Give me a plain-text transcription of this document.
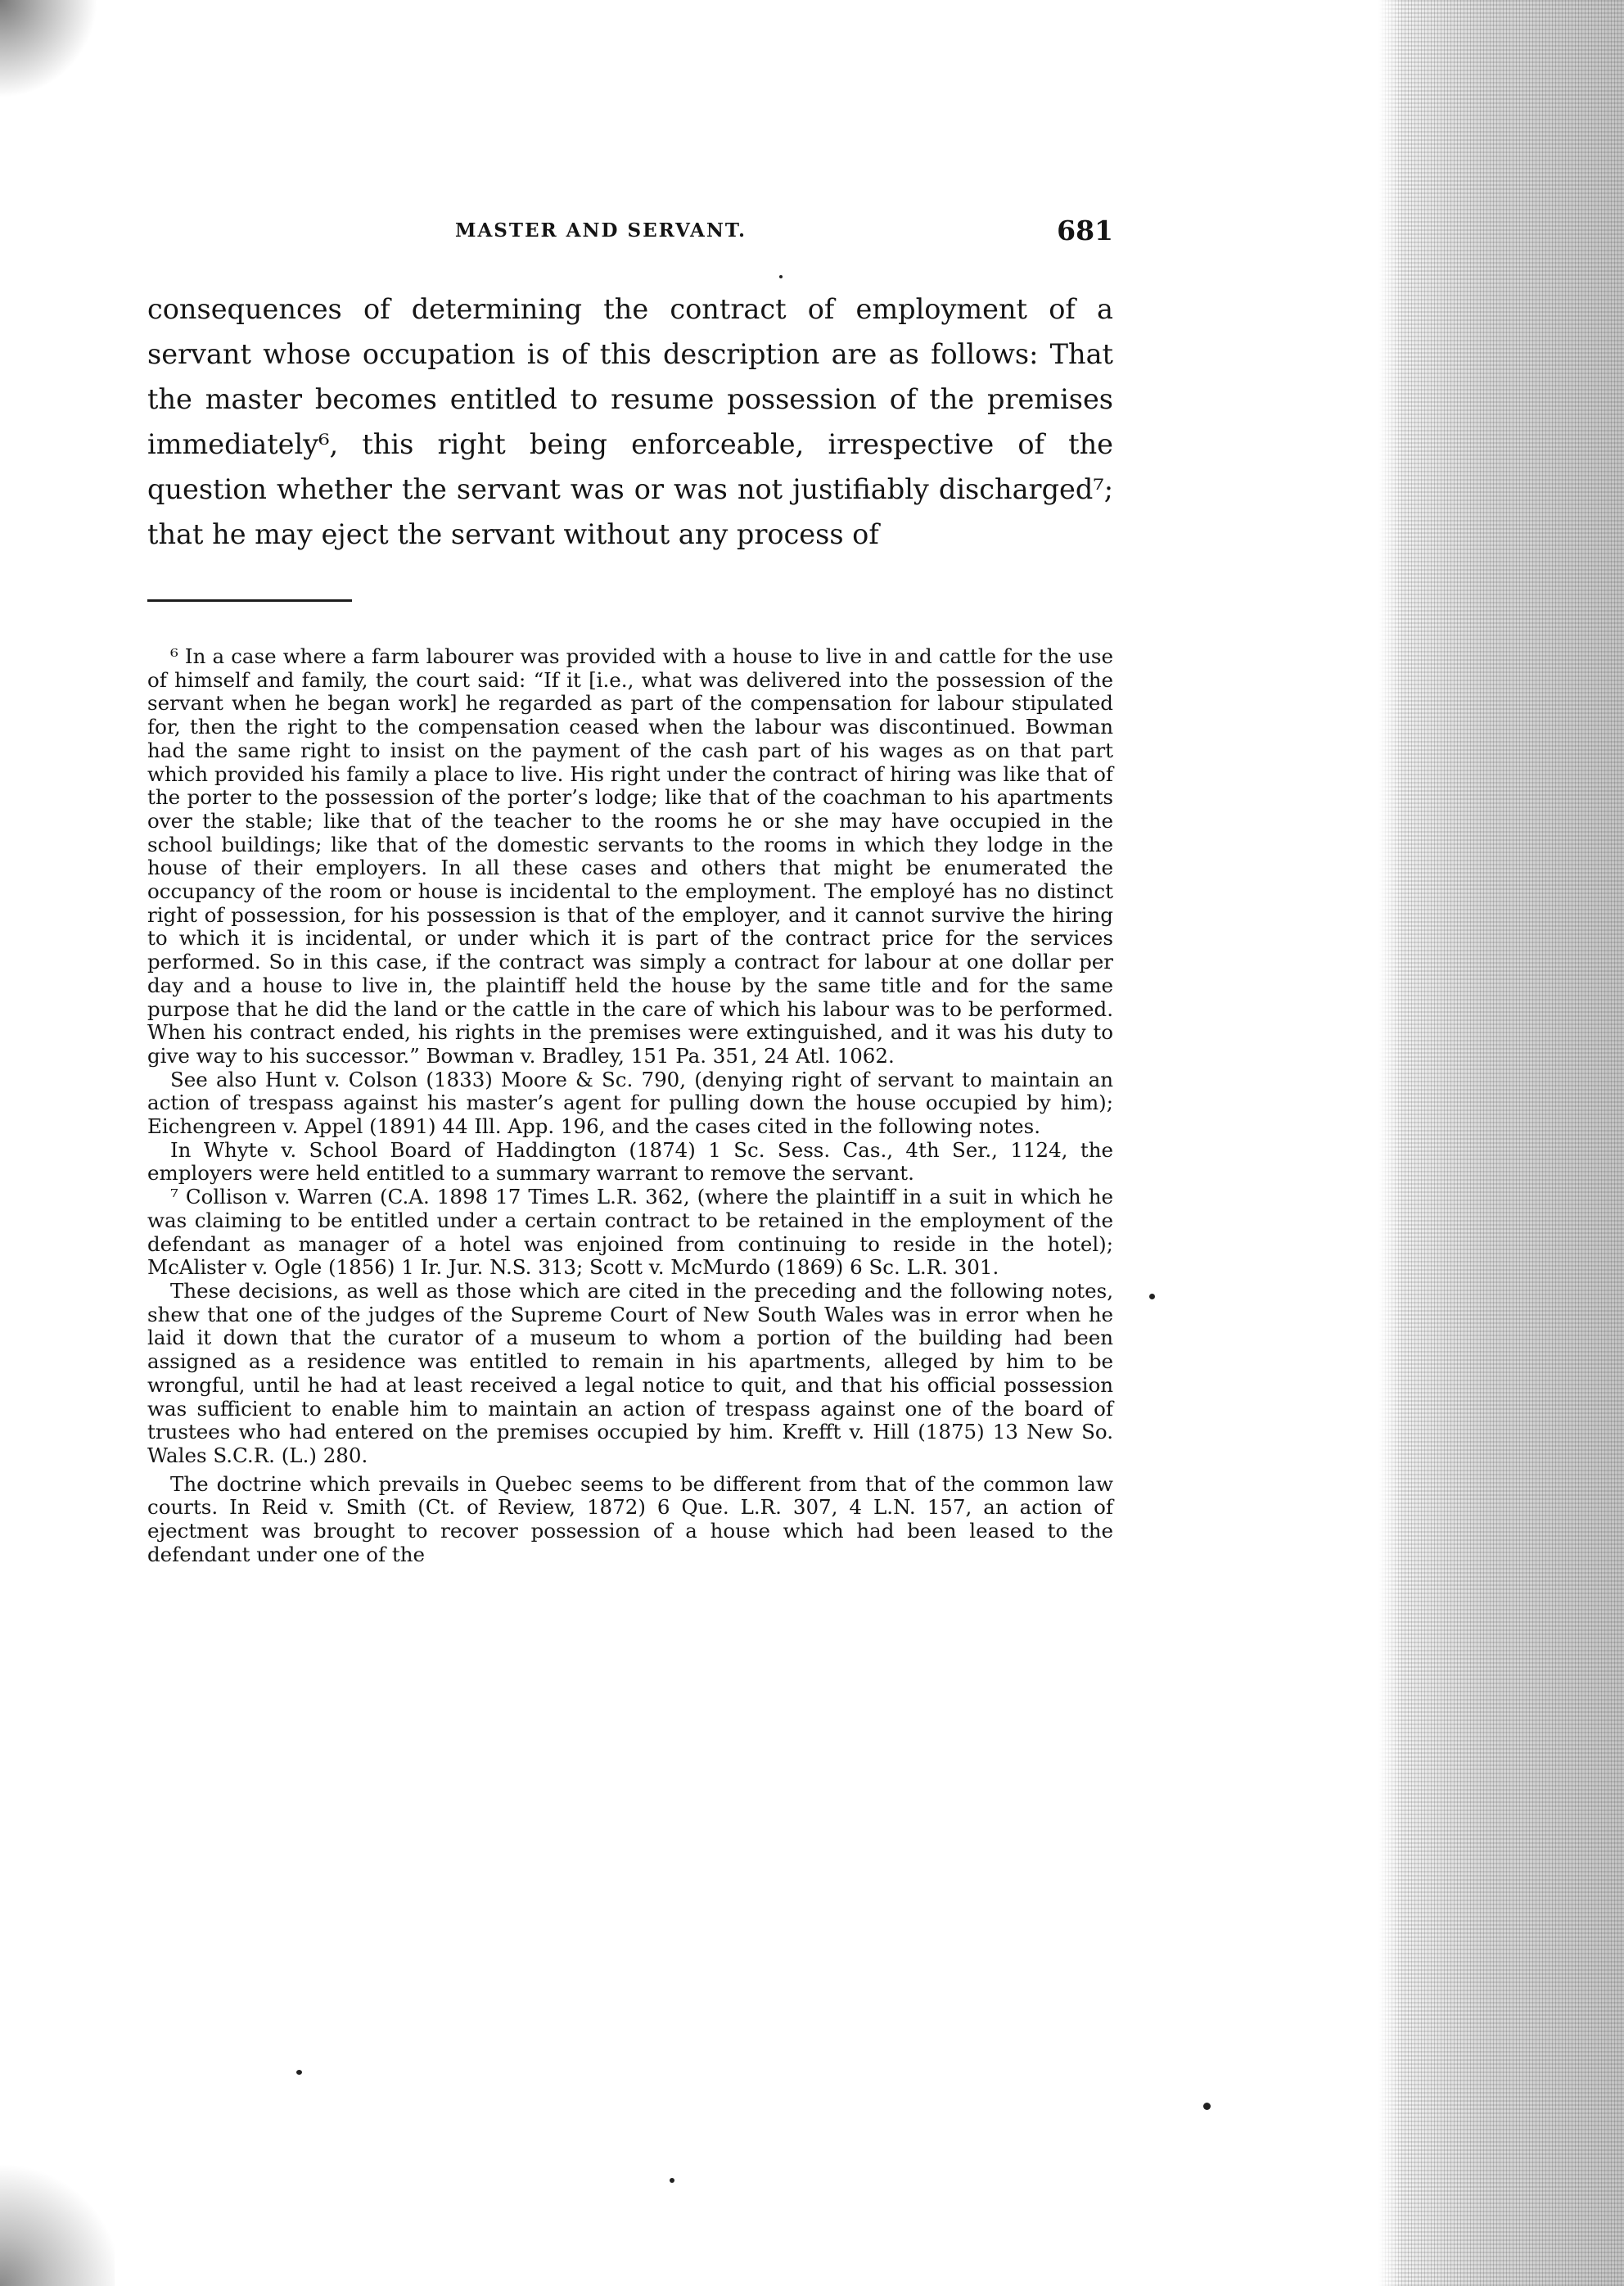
MASTER AND SERVANT.	681

consequences of determining the contract of employment of a servant whose occupation is of this description are as follows: That the master becomes entitled to resume possession of the premises immediately⁶, this right being enforceable, irrespective of the question whether the servant was or was not justifiably discharged⁷; that he may eject the servant without any process of

⁶ In a case where a farm labourer was provided with a house to live in and cattle for the use of himself and family, the court said: “If it [i.e., what was delivered into the possession of the servant when he began work] he regarded as part of the compensation for labour stipulated for, then the right to the compensation ceased when the labour was discontinued. Bowman had the same right to insist on the payment of the cash part of his wages as on that part which provided his family a place to live. His right under the contract of hiring was like that of the porter to the possession of the porter’s lodge; like that of the coachman to his apartments over the stable; like that of the teacher to the rooms he or she may have occupied in the school buildings; like that of the domestic servants to the rooms in which they lodge in the house of their employers. In all these cases and others that might be enumerated the occupancy of the room or house is incidental to the employment. The employé has no distinct right of possession, for his possession is that of the employer, and it cannot survive the hiring to which it is incidental, or under which it is part of the contract price for the services performed. So in this case, if the contract was simply a contract for labour at one dollar per day and a house to live in, the plaintiff held the house by the same title and for the same purpose that he did the land or the cattle in the care of which his labour was to be performed. When his contract ended, his rights in the premises were extinguished, and it was his duty to give way to his successor.” Bowman v. Bradley, 151 Pa. 351, 24 Atl. 1062.

See also Hunt v. Colson (1833) Moore & Sc. 790, (denying right of servant to maintain an action of trespass against his master’s agent for pulling down the house occupied by him); Eichengreen v. Appel (1891) 44 Ill. App. 196, and the cases cited in the following notes.

In Whyte v. School Board of Haddington (1874) 1 Sc. Sess. Cas., 4th Ser., 1124, the employers were held entitled to a summary warrant to remove the servant.

⁷ Collison v. Warren (C.A. 1898 17 Times L.R. 362, (where the plaintiff in a suit in which he was claiming to be entitled under a certain contract to be retained in the employment of the defendant as manager of a hotel was enjoined from continuing to reside in the hotel); McAlister v. Ogle (1856) 1 Ir. Jur. N.S. 313; Scott v. McMurdo (1869) 6 Sc. L.R. 301.

These decisions, as well as those which are cited in the preceding and the following notes, shew that one of the judges of the Supreme Court of New South Wales was in error when he laid it down that the curator of a museum to whom a portion of the building had been assigned as a residence was entitled to remain in his apartments, alleged by him to be wrongful, until he had at least received a legal notice to quit, and that his official possession was sufficient to enable him to maintain an action of trespass against one of the board of trustees who had entered on the premises occupied by him. Krefft v. Hill (1875) 13 New So. Wales S.C.R. (L.) 280.

The doctrine which prevails in Quebec seems to be different from that of the common law courts. In Reid v. Smith (Ct. of Review, 1872) 6 Que. L.R. 307, 4 L.N. 157, an action of ejectment was brought to recover possession of a house which had been leased to the defendant under one of the
